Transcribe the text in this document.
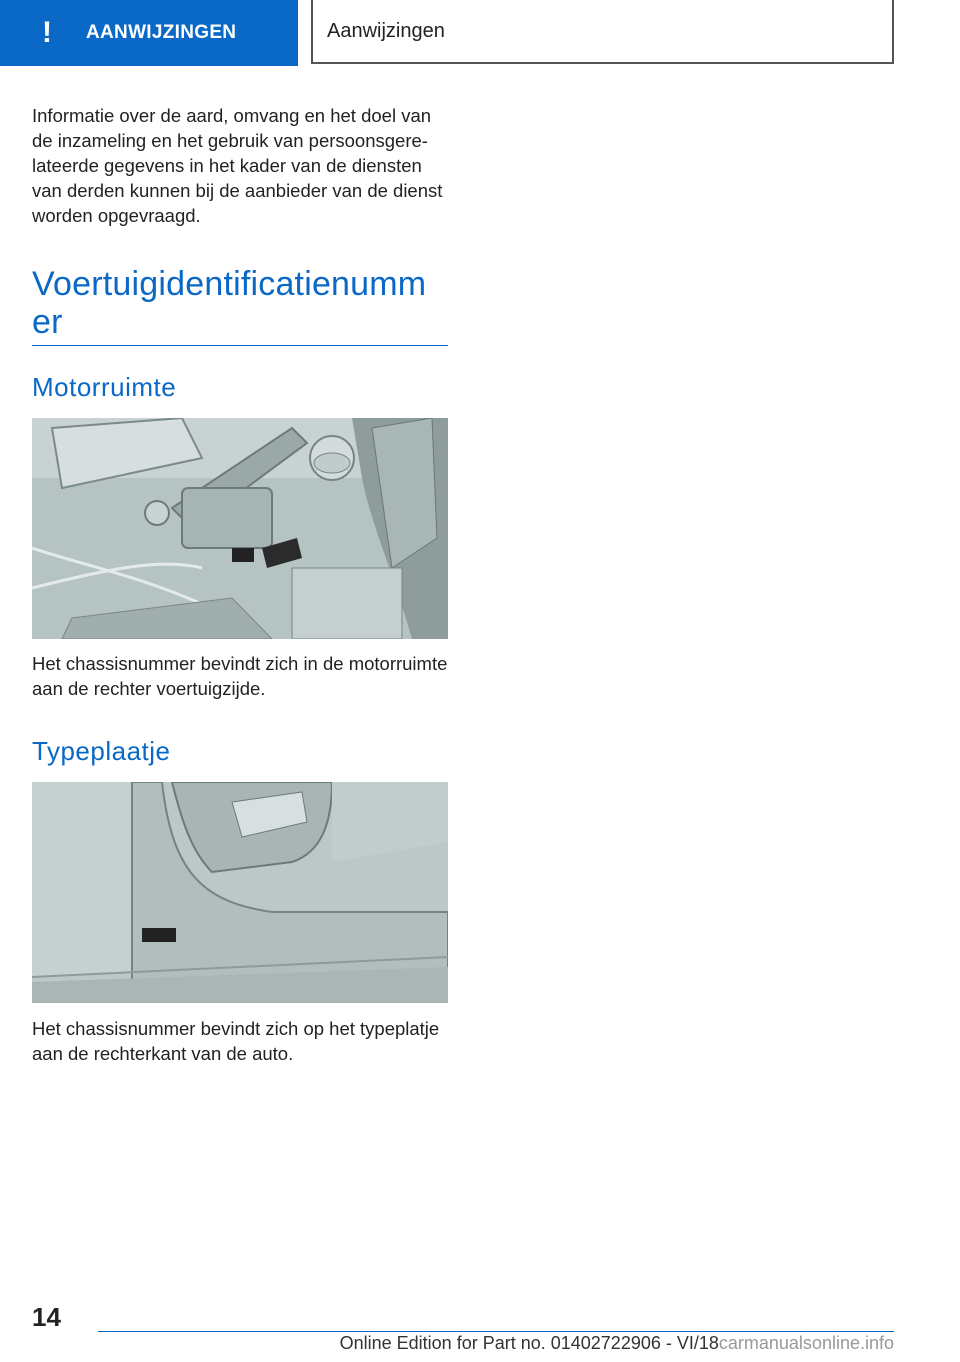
!	AANWIJZINGEN	Aanwijzingen

Informatie over de aard, omvang en het doel van de inzameling en het gebruik van persoonsgerelateerde gegevens in het kader van de diensten van derden kunnen bij de aanbieder van de dienst worden opgevraagd.

Voertuigidentificatienumm
er
Motorruimte

Het chassisnummer bevindt zich in de motorruimte aan de rechter voertuigzijde.

Typeplaatje

Het chassisnummer bevindt zich op het typeplatje aan de rechterkant van de auto.

14
Online Edition for Part no. 01402722906 - VI/18carmanualsonline.info
